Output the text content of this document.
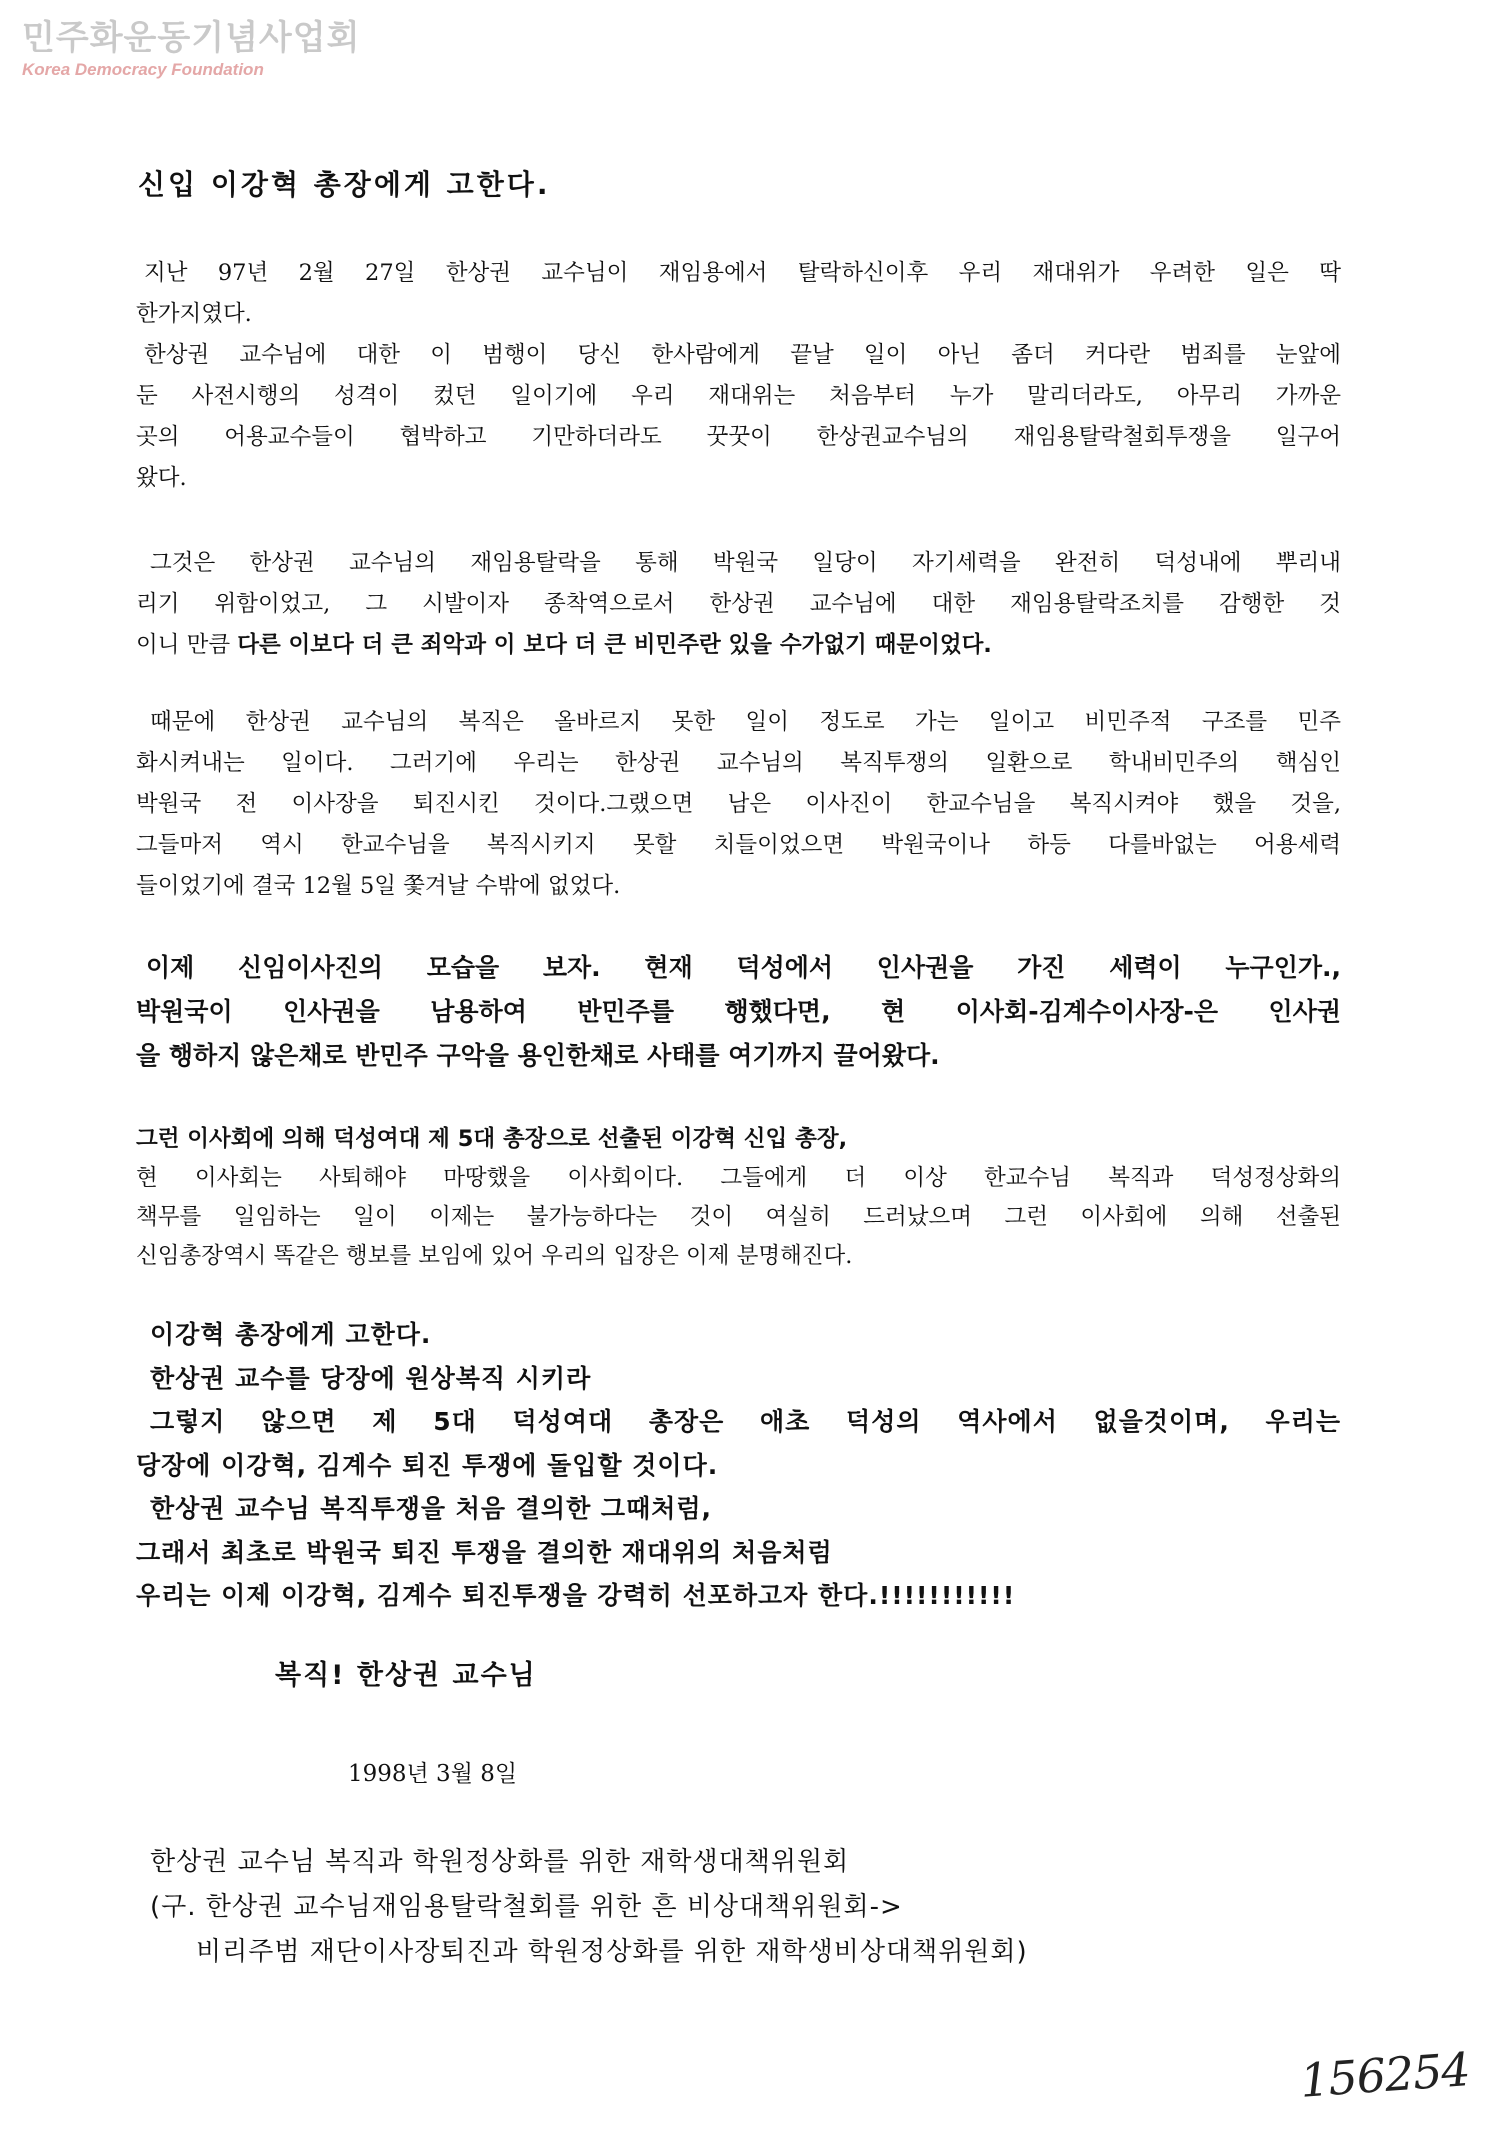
민주화운동기념사업회
Korea Democracy Foundation
신입 이강혁 총장에게 고한다.
지난 97년 2월 27일 한상권 교수님이 재임용에서 탈락하신이후 우리 재대위가 우려한 일은 딱
한가지였다.
한상권 교수님에 대한 이 범행이 당신 한사람에게 끝날 일이 아닌 좀더 커다란 범죄를 눈앞에
둔 사전시행의 성격이 컸던 일이기에 우리 재대위는 처음부터 누가 말리더라도, 아무리 가까운
곳의 어용교수들이 협박하고 기만하더라도 꿋꿋이 한상권교수님의 재임용탈락철회투쟁을 일구어
왔다.
그것은 한상권 교수님의 재임용탈락을 통해 박원국 일당이 자기세력을 완전히 덕성내에 뿌리내
리기 위함이었고, 그 시발이자 종착역으로서 한상권 교수님에 대한 재임용탈락조치를 감행한 것
이니 만큼 다른 이보다 더 큰 죄악과 이 보다 더 큰 비민주란 있을 수가없기 때문이었다.
때문에 한상권 교수님의 복직은 올바르지 못한 일이 정도로 가는 일이고 비민주적 구조를 민주
화시켜내는 일이다. 그러기에 우리는 한상권 교수님의 복직투쟁의 일환으로 학내비민주의 핵심인
박원국 전 이사장을 퇴진시킨 것이다.그랬으면 남은 이사진이 한교수님을 복직시켜야 했을 것을,
그들마저 역시 한교수님을 복직시키지 못할 치들이었으면 박원국이나 하등 다를바없는 어용세력
들이었기에 결국 12월 5일 쫓겨날 수밖에 없었다.
이제 신임이사진의 모습을 보자. 현재 덕성에서 인사권을 가진 세력이 누구인가.,
박원국이 인사권을 남용하여 반민주를 행했다면, 현 이사회-김계수이사장-은 인사권
을 행하지 않은채로 반민주 구악을 용인한채로 사태를 여기까지 끌어왔다.
그런 이사회에 의해 덕성여대 제 5대 총장으로 선출된 이강혁 신입 총장,
현 이사회는 사퇴해야 마땅했을 이사회이다. 그들에게 더 이상 한교수님 복직과 덕성정상화의
책무를 일임하는 일이 이제는 불가능하다는 것이 여실히 드러났으며 그런 이사회에 의해 선출된
신임총장역시 똑같은 행보를 보임에 있어 우리의 입장은 이제 분명해진다.
이강혁 총장에게 고한다.
한상권 교수를 당장에 원상복직 시키라
그렇지 않으면 제 5대 덕성여대 총장은 애초 덕성의 역사에서 없을것이며, 우리는
당장에 이강혁, 김계수 퇴진 투쟁에 돌입할 것이다.
한상권 교수님 복직투쟁을 처음 결의한 그때처럼,
그래서 최초로 박원국 퇴진 투쟁을 결의한 재대위의 처음처럼
우리는 이제 이강혁, 김계수 퇴진투쟁을 강력히 선포하고자 한다.!!!!!!!!!!!
복직! 한상권 교수님
1998년 3월 8일
한상권 교수님 복직과 학원정상화를 위한 재학생대책위원회
(구. 한상권 교수님재임용탈락철회를 위한 흔 비상대책위원회->
비리주범 재단이사장퇴진과 학원정상화를 위한 재학생비상대책위원회)
156254
